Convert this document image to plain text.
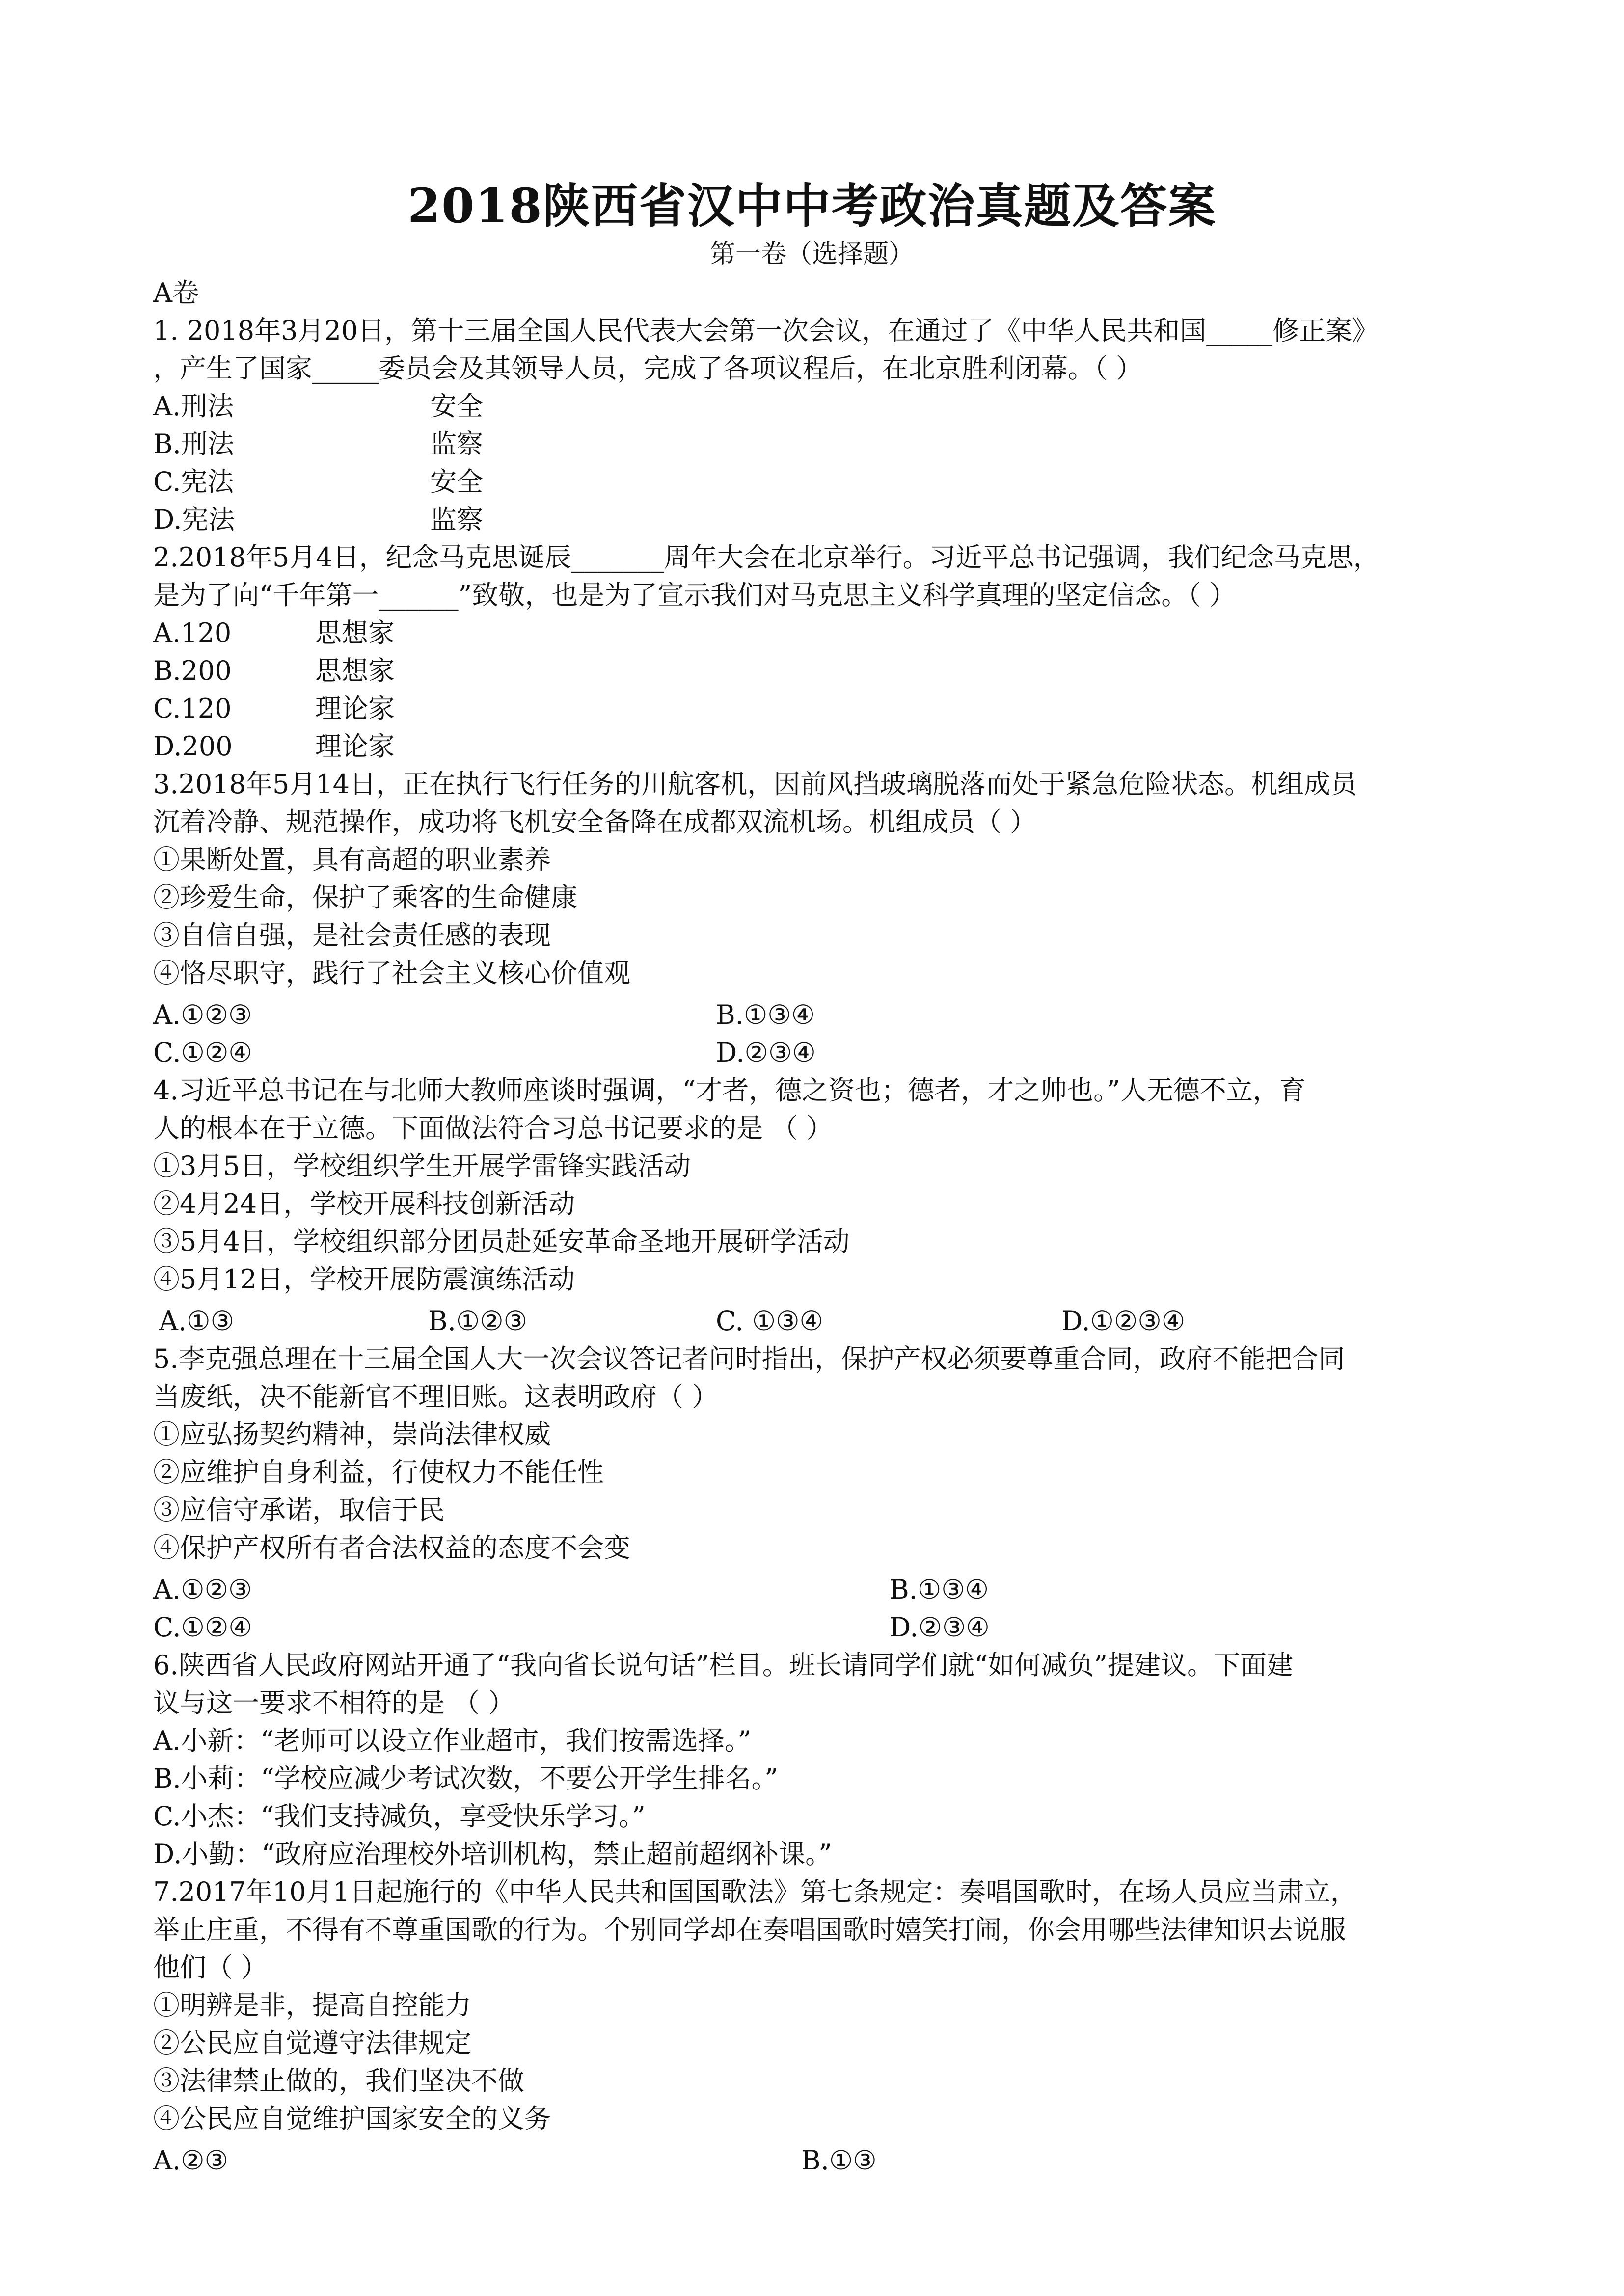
2018陕西省汉中中考政治真题及答案
第一卷（选择题）
A卷
1. 2018年3月20日，第十三届全国人民代表大会第一次会议，在通过了《中华人民共和国_____修正案》
，产生了国家_____委员会及其领导人员，完成了各项议程后，在北京胜利闭幕。（ ）
A.刑法	安全
B.刑法	监察
C.宪法	安全
D.宪法	监察
2.2018年5月4日，纪念马克思诞辰_______周年大会在北京举行。习近平总书记强调，我们纪念马克思，
是为了向“千年第一______”致敬，也是为了宣示我们对马克思主义科学真理的坚定信念。（ ）
A.120	思想家
B.200	思想家
C.120	理论家
D.200	理论家
3.2018年5月14日，正在执行飞行任务的川航客机，因前风挡玻璃脱落而处于紧急危险状态。机组成员
沉着冷静、规范操作，成功将飞机安全备降在成都双流机场。机组成员（ ）
①果断处置，具有高超的职业素养
②珍爱生命，保护了乘客的生命健康
③自信自强，是社会责任感的表现
④恪尽职守，践行了社会主义核心价值观
A.①②③	B.①③④
C.①②④	D.②③④
4.习近平总书记在与北师大教师座谈时强调，“才者，德之资也；德者，才之帅也。”人无德不立，育
人的根本在于立德。下面做法符合习总书记要求的是 （ ）
①3月5日，学校组织学生开展学雷锋实践活动
②4月24日，学校开展科技创新活动
③5月4日，学校组织部分团员赴延安革命圣地开展研学活动
④5月12日，学校开展防震演练活动
A.①③	B.①②③	C. ①③④	D.①②③④
5.李克强总理在十三届全国人大一次会议答记者问时指出，保护产权必须要尊重合同，政府不能把合同
当废纸，决不能新官不理旧账。这表明政府（ ）
①应弘扬契约精神，崇尚法律权威
②应维护自身利益，行使权力不能任性
③应信守承诺，取信于民
④保护产权所有者合法权益的态度不会变
A.①②③	B.①③④
C.①②④	D.②③④
6.陕西省人民政府网站开通了“我向省长说句话”栏目。班长请同学们就“如何减负”提建议。下面建
议与这一要求不相符的是 （ ）
A.小新：“老师可以设立作业超市，我们按需选择。”
B.小莉：“学校应减少考试次数，不要公开学生排名。”
C.小杰：“我们支持减负，享受快乐学习。”
D.小勤：“政府应治理校外培训机构，禁止超前超纲补课。”
7.2017年10月1日起施行的《中华人民共和国国歌法》第七条规定：奏唱国歌时，在场人员应当肃立，
举止庄重，不得有不尊重国歌的行为。个别同学却在奏唱国歌时嬉笑打闹，你会用哪些法律知识去说服
他们（ ）
①明辨是非，提高自控能力
②公民应自觉遵守法律规定
③法律禁止做的，我们坚决不做
④公民应自觉维护国家安全的义务
A.②③	B.①③
